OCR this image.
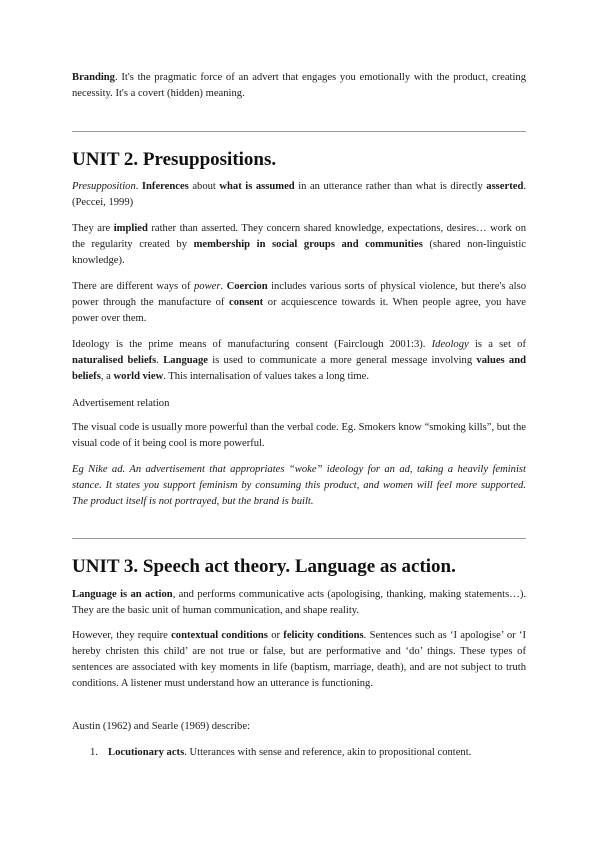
Branding. It's the pragmatic force of an advert that engages you emotionally with the product, creating necessity. It's a covert (hidden) meaning.

UNIT 2. Presuppositions.

Presupposition. Inferences about what is assumed in an utterance rather than what is directly asserted. (Peccei, 1999)

They are implied rather than asserted. They concern shared knowledge, expectations, desires… work on the regularity created by membership in social groups and communities (shared non-linguistic knowledge).

There are different ways of power. Coercion includes various sorts of physical violence, but there's also power through the manufacture of consent or acquiescence towards it. When people agree, you have power over them.

Ideology is the prime means of manufacturing consent (Fairclough 2001:3). Ideology is a set of naturalised beliefs. Language is used to communicate a more general message involving values and beliefs, a world view. This internalisation of values takes a long time.

Advertisement relation

The visual code is usually more powerful than the verbal code. Eg. Smokers know “smoking kills”, but the visual code of it being cool is more powerful.

Eg Nike ad. An advertisement that appropriates “woke” ideology for an ad, taking a heavily feminist stance. It states you support feminism by consuming this product, and women will feel more supported. The product itself is not portrayed, but the brand is built.

UNIT 3. Speech act theory. Language as action.

Language is an action, and performs communicative acts (apologising, thanking, making statements…). They are the basic unit of human communication, and shape reality.

However, they require contextual conditions or felicity conditions. Sentences such as ‘I apologise’ or ‘I hereby christen this child’ are not true or false, but are performative and ‘do’ things. These types of sentences are associated with key moments in life (baptism, marriage, death), and are not subject to truth conditions. A listener must understand how an utterance is functioning.

Austin (1962) and Searle (1969) describe:

1. Locutionary acts. Utterances with sense and reference, akin to propositional content.
